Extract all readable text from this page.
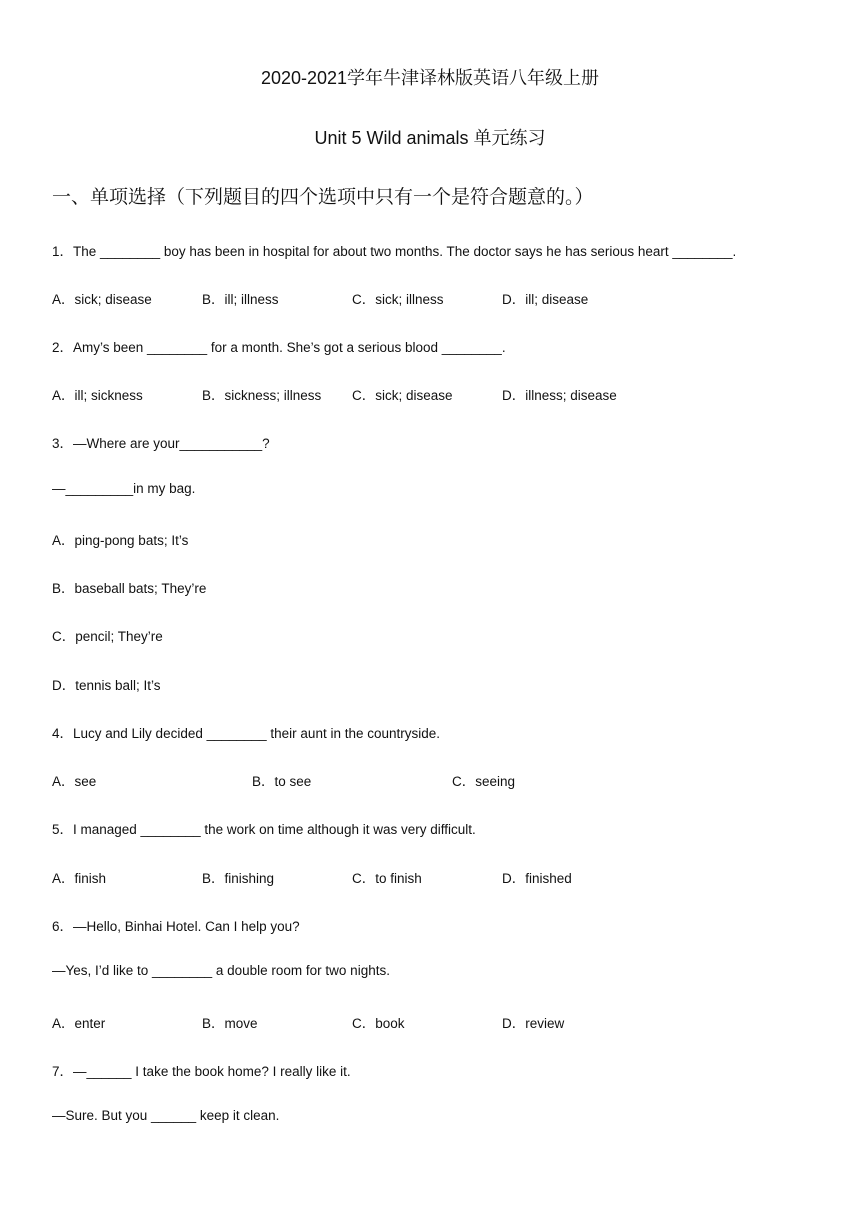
2020-2021学年牛津译林版英语八年级上册
Unit 5 Wild animals 单元练习
一、单项选择（下列题目的四个选项中只有一个是符合题意的。）
1．The ________ boy has been in hospital for about two months. The doctor says he has serious heart ________.
A．sick; disease	B．ill; illness	C．sick; illness	D．ill; disease
2．Amy’s been ________ for a month. She’s got a serious blood ________.
A．ill; sickness	B．sickness; illness C．sick; disease	D．illness; disease
3．—Where are your___________?
—_________in my bag.
A．ping-pong bats; It’s
B．baseball bats; They’re
C．pencil; They’re
D．tennis ball; It’s
4．Lucy and Lily decided ________ their aunt in the countryside.
A．see	B．to see	C．seeing
5．I managed ________ the work on time although it was very difficult.
A．finish	B．finishing	C．to finish	D．finished
6．—Hello, Binhai Hotel. Can I help you?
—Yes, I’d like to ________ a double room for two nights.
A．enter	B．move	C．book	D．review
7．—______ I take the book home? I really like it.
—Sure. But you ______ keep it clean.
